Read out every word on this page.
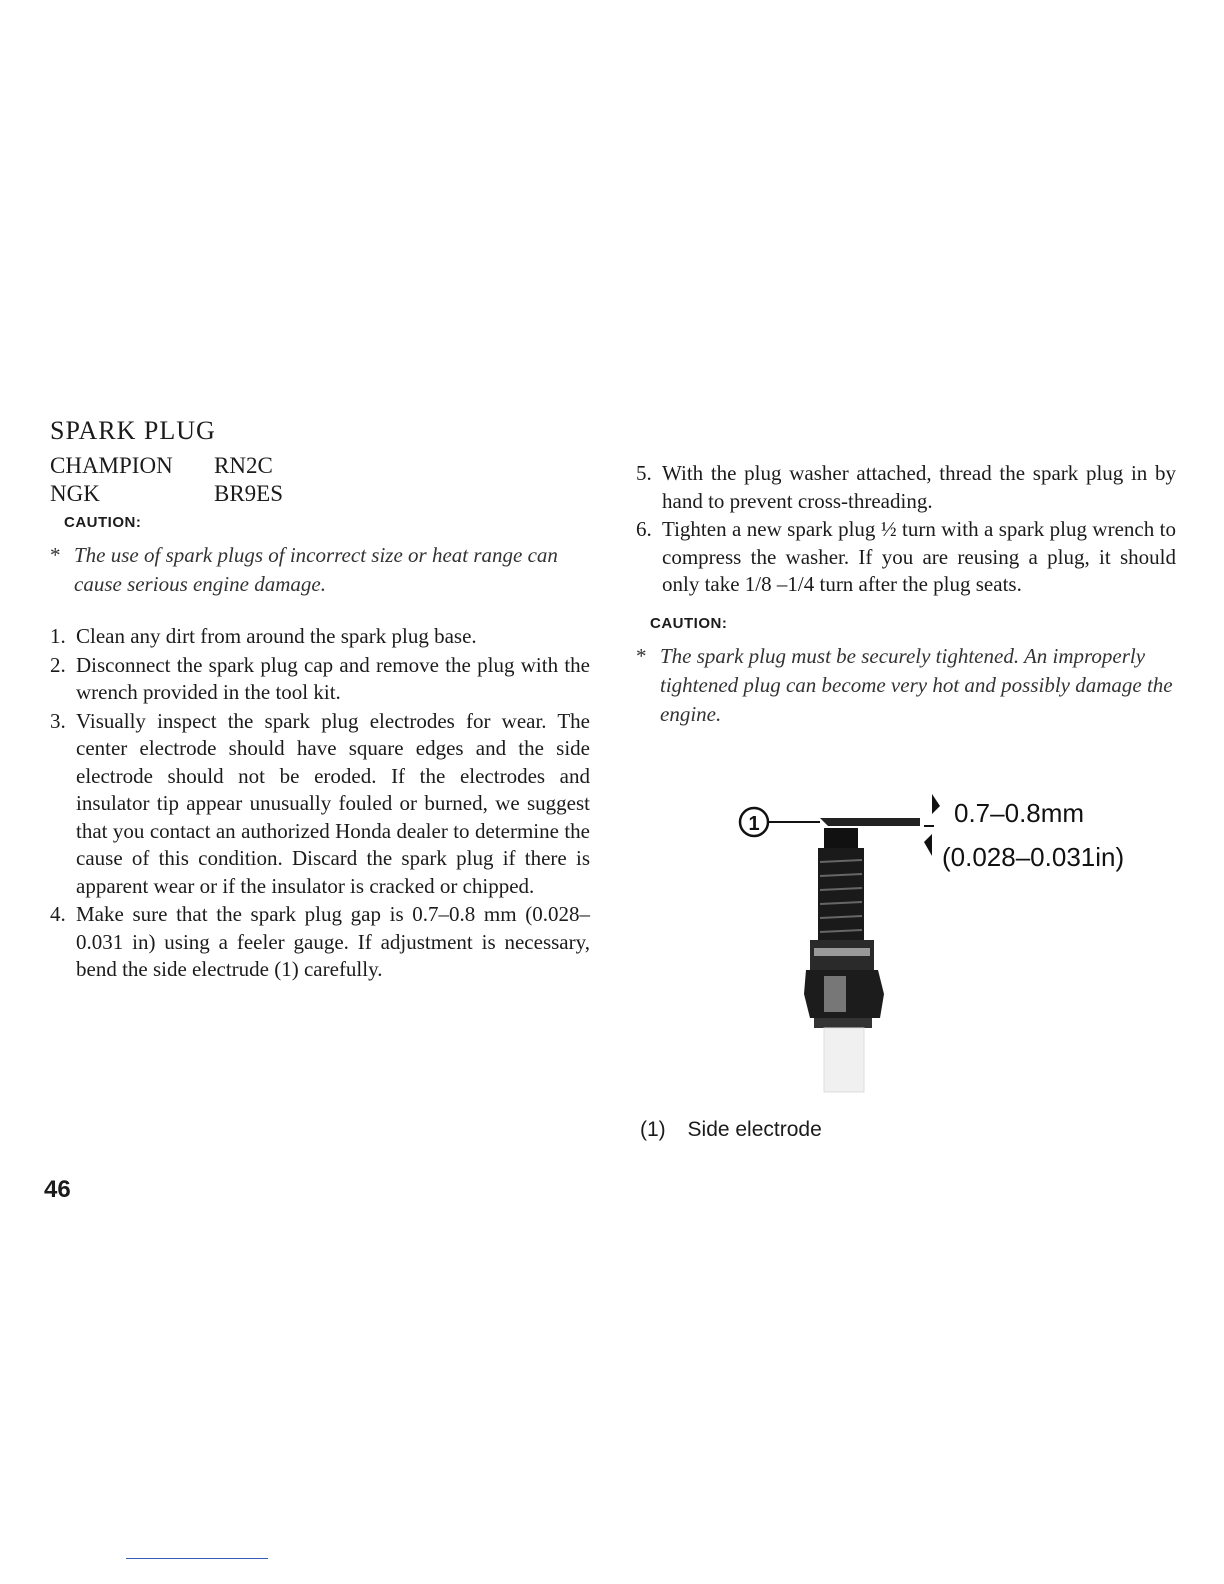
SPARK PLUG
CHAMPION	RN2C
NGK	BR9ES
CAUTION:
* The use of spark plugs of incorrect size or heat range can cause serious engine damage.
1. Clean any dirt from around the spark plug base.
2. Disconnect the spark plug cap and remove the plug with the wrench provided in the tool kit.
3. Visually inspect the spark plug electrodes for wear. The center electrode should have square edges and the side electrode should not be eroded. If the electrodes and insulator tip appear unusually fouled or burned, we suggest that you contact an authorized Honda dealer to determine the cause of this condition. Discard the spark plug if there is apparent wear or if the insulator is cracked or chipped.
4. Make sure that the spark plug gap is 0.7–0.8 mm (0.028–0.031 in) using a feeler gauge. If adjustment is necessary, bend the side electrude (1) carefully.
5. With the plug washer attached, thread the spark plug in by hand to prevent cross-threading.
6. Tighten a new spark plug ½ turn with a spark plug wrench to compress the washer. If you are reusing a plug, it should only take 1/8 –1/4 turn after the plug seats.
CAUTION:
* The spark plug must be securely tightened. An improperly tightened plug can become very hot and possibly damage the engine.
1	0.7–0.8mm
(0.028–0.031in)
(1) Side electrode
46
